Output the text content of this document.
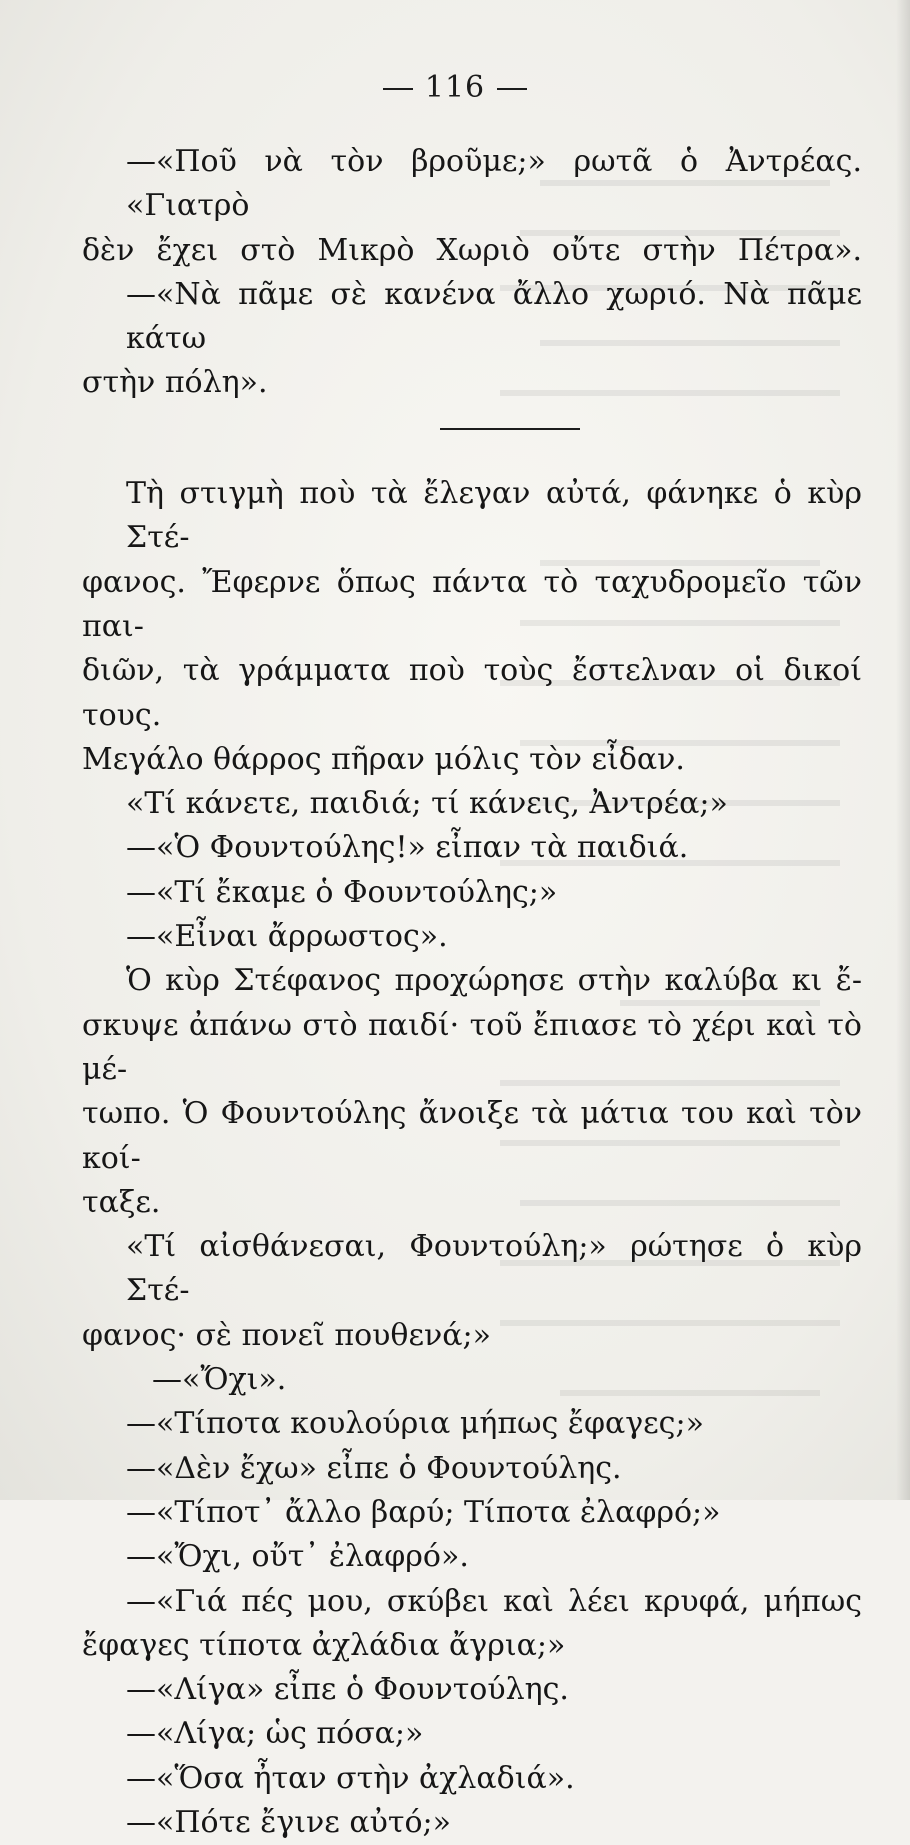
116
—«Ποῦ νὰ τὸν βροῦμε;» ρωτᾶ ὁ Ἀντρέας. «Γιατρὸ
δὲν ἔχει στὸ Μικρὸ Χωριὸ οὔτε στὴν Πέτρα».
—«Νὰ πᾶμε σὲ κανένα ἄλλο χωριό. Νὰ πᾶμε κάτω
στὴν πόλη».
Τὴ στιγμὴ ποὺ τὰ ἔλεγαν αὐτά, φάνηκε ὁ κὺρ Στέ-
φανος. Ἔφερνε ὅπως πάντα τὸ ταχυδρομεῖο τῶν παι-
διῶν, τὰ γράμματα ποὺ τοὺς ἔστελναν οἱ δικοί τους.
Μεγάλο θάρρος πῆραν μόλις τὸν εἶδαν.
«Τί κάνετε, παιδιά; τί κάνεις, Ἀντρέα;»
—«Ὁ Φουντούλης!» εἶπαν τὰ παιδιά.
—«Τί ἔκαμε ὁ Φουντούλης;»
—«Εἶναι ἄρρωστος».
Ὁ κὺρ Στέφανος προχώρησε στὴν καλύβα κι ἔ-
σκυψε ἀπάνω στὸ παιδί· τοῦ ἔπιασε τὸ χέρι καὶ τὸ μέ-
τωπο. Ὁ Φουντούλης ἄνοιξε τὰ μάτια του καὶ τὸν κοί-
ταξε.
«Τί αἰσθάνεσαι, Φουντούλη;» ρώτησε ὁ κὺρ Στέ-
φανος· σὲ πονεῖ πουθενά;»
—«Ὄχι».
—«Τίποτα κουλούρια μήπως ἔφαγες;»
—«Δὲν ἔχω» εἶπε ὁ Φουντούλης.
—«Τίποτ᾽ ἄλλο βαρύ; Τίποτα ἐλαφρό;»
—«Ὄχι, οὔτ᾽ ἐλαφρό».
—«Γιά πές μου, σκύβει καὶ λέει κρυφά, μήπως
ἔφαγες τίποτα ἀχλάδια ἄγρια;»
—«Λίγα» εἶπε ὁ Φουντούλης.
—«Λίγα; ὡς πόσα;»
—«Ὅσα ἦταν στὴν ἀχλαδιά».
—«Πότε ἔγινε αὐτό;»
